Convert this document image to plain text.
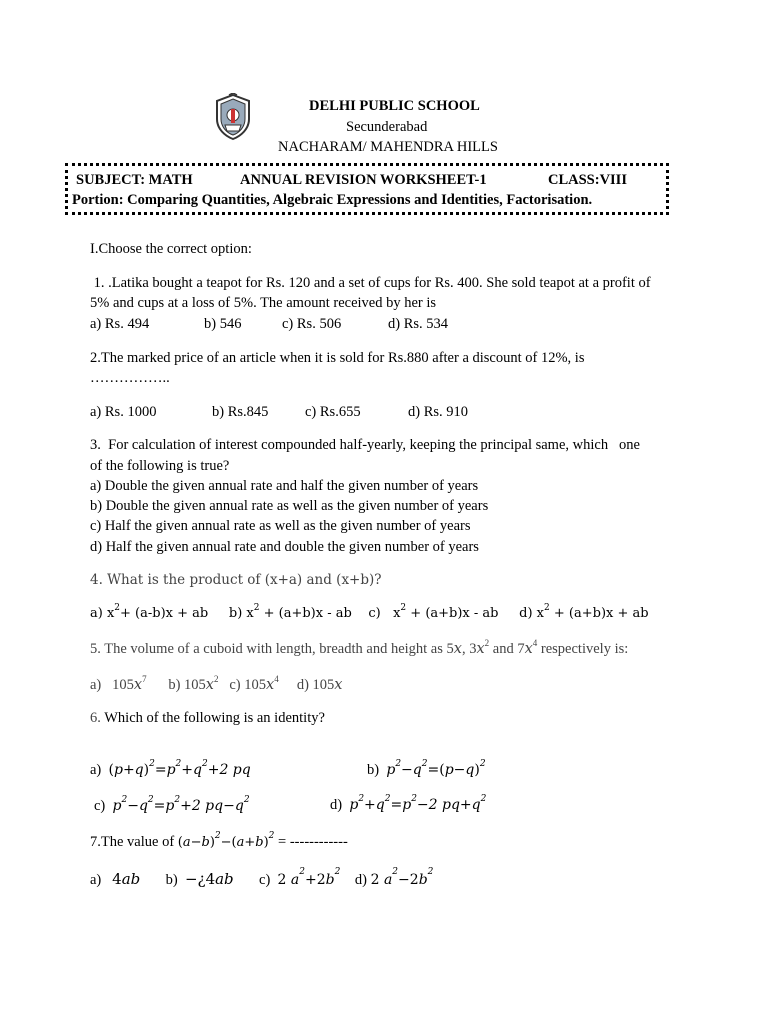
DELHI PUBLIC SCHOOL
Secunderabad
NACHARAM/ MAHENDRA HILLS
SUBJECT: MATH	ANNUAL REVISION WORKSHEET-1	CLASS:VIII
Portion: Comparing Quantities, Algebraic Expressions and Identities, Factorisation.
I.Choose the correct option:
1. .Latika bought a teapot for Rs. 120 and a set of cups for Rs. 400. She sold teapot at a profit of
5% and cups at a loss of 5%. The amount received by her is
a) Rs. 494	b) 546	c) Rs. 506	d) Rs. 534
2.The marked price of an article when it is sold for Rs.880 after a discount of 12%, is
……………..
a) Rs. 1000	b) Rs.845	c) Rs.655	d) Rs. 910
3.  For calculation of interest compounded half-yearly, keeping the principal same, which   one
of the following is true?
a) Double the given annual rate and half the given number of years
b) Double the given annual rate as well as the given number of years
c) Half the given annual rate as well as the given number of years
d) Half the given annual rate and double the given number of years
4. What is the product of (x+a) and (x+b)?
a) $x^2+ (a-b)x$ + ab     b) $x^2 + (a+b)x$ - ab    c)   $x^2 + (a+b)x$ - ab     d) $x^2 + (a+b)x$ + ab
5. The volume of a cuboid with length, breadth and height as 5x, $3x^2$ and $7x^4$ respectively is:
a)   $105x^7$      b) $105x^2$   c) $105x^4$     d) 105x
6. Which of the following is an identity?
a)  $(p+q)^2=p^2+q^2+2$ pq	b)  $p^2-q^2=(p-q)^2$
c)  $p^2-q^2=p^2+2$ $pq-q^2$	d)  $p^2+q^2=p^2-2$ $pq+q^2$
7.The value of $(a-b)^2-(a+b)^2$ = ------------
a)   4ab       b)  −¿4ab       c)  2 $a^2+2b^2$    d) 2 $a^2-2b^2$
